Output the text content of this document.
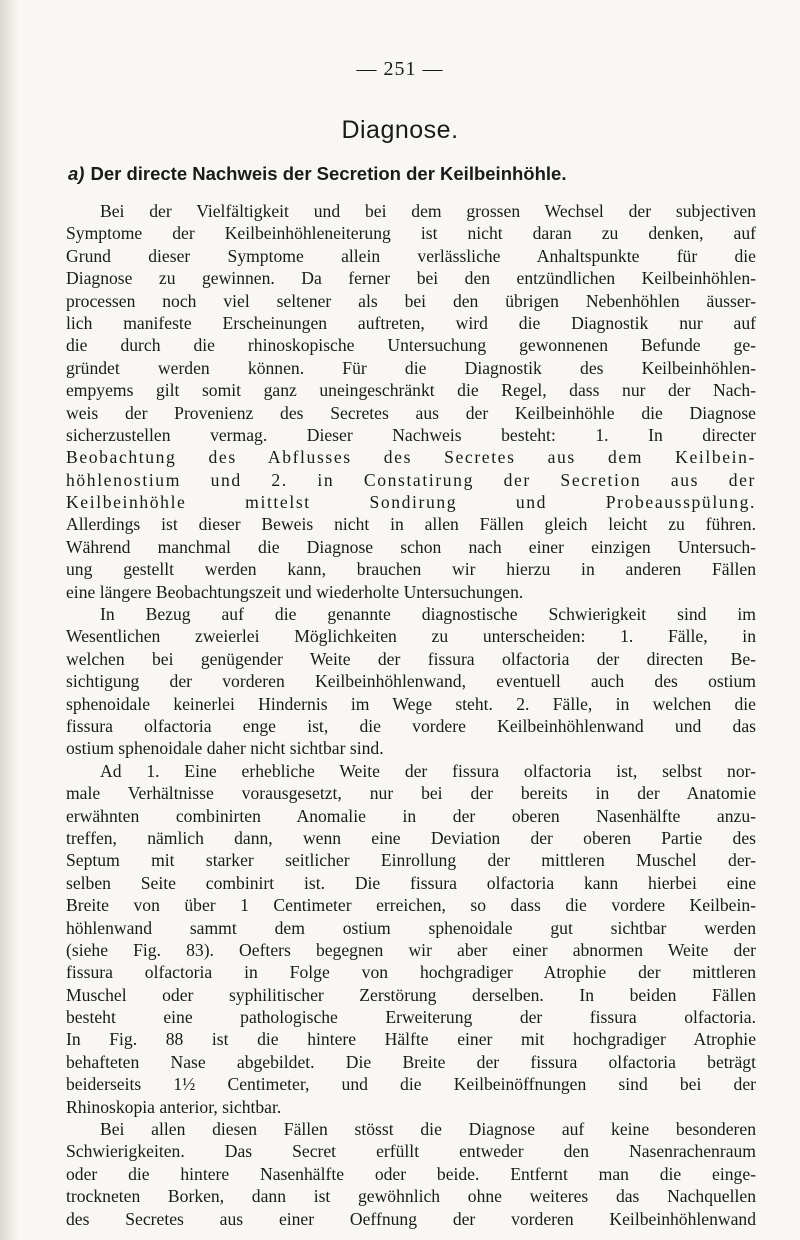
— 251 —
Diagnose.
a) Der directe Nachweis der Secretion der Keilbeinhöhle.
Bei der Vielfältigkeit und bei dem grossen Wechsel der subjectiven
Symptome der Keilbeinhöhleneiterung ist nicht daran zu denken, auf
Grund dieser Symptome allein verlässliche Anhaltspunkte für die
Diagnose zu gewinnen. Da ferner bei den entzündlichen Keilbeinhöhlen-
processen noch viel seltener als bei den übrigen Nebenhöhlen äusser-
lich manifeste Erscheinungen auftreten, wird die Diagnostik nur auf
die durch die rhinoskopische Untersuchung gewonnenen Befunde ge-
gründet werden können. Für die Diagnostik des Keilbeinhöhlen-
empyems gilt somit ganz uneingeschränkt die Regel, dass nur der Nach-
weis der Provenienz des Secretes aus der Keilbeinhöhle die Diagnose
sicherzustellen vermag. Dieser Nachweis besteht: 1. In directer
Beobachtung des Abflusses des Secretes aus dem Keilbein-
höhlenostium und 2. in Constatirung der Secretion aus der
Keilbeinhöhle mittelst Sondirung und Probeausspülung.
Allerdings ist dieser Beweis nicht in allen Fällen gleich leicht zu führen.
Während manchmal die Diagnose schon nach einer einzigen Untersuch-
ung gestellt werden kann, brauchen wir hierzu in anderen Fällen
eine längere Beobachtungszeit und wiederholte Untersuchungen.
In Bezug auf die genannte diagnostische Schwierigkeit sind im
Wesentlichen zweierlei Möglichkeiten zu unterscheiden: 1. Fälle, in
welchen bei genügender Weite der fissura olfactoria der directen Be-
sichtigung der vorderen Keilbeinhöhlenwand, eventuell auch des ostium
sphenoidale keinerlei Hindernis im Wege steht. 2. Fälle, in welchen die
fissura olfactoria enge ist, die vordere Keilbeinhöhlenwand und das
ostium sphenoidale daher nicht sichtbar sind.
Ad 1. Eine erhebliche Weite der fissura olfactoria ist, selbst nor-
male Verhältnisse vorausgesetzt, nur bei der bereits in der Anatomie
erwähnten combinirten Anomalie in der oberen Nasenhälfte anzu-
treffen, nämlich dann, wenn eine Deviation der oberen Partie des
Septum mit starker seitlicher Einrollung der mittleren Muschel der-
selben Seite combinirt ist. Die fissura olfactoria kann hierbei eine
Breite von über 1 Centimeter erreichen, so dass die vordere Keilbein-
höhlenwand sammt dem ostium sphenoidale gut sichtbar werden
(siehe Fig. 83). Oefters begegnen wir aber einer abnormen Weite der
fissura olfactoria in Folge von hochgradiger Atrophie der mittleren
Muschel oder syphilitischer Zerstörung derselben. In beiden Fällen
besteht eine pathologische Erweiterung der fissura olfactoria.
In Fig. 88 ist die hintere Hälfte einer mit hochgradiger Atrophie
behafteten Nase abgebildet. Die Breite der fissura olfactoria beträgt
beiderseits 1½ Centimeter, und die Keilbeinöffnungen sind bei der
Rhinoskopia anterior, sichtbar.
Bei allen diesen Fällen stösst die Diagnose auf keine besonderen
Schwierigkeiten. Das Secret erfüllt entweder den Nasenrachenraum
oder die hintere Nasenhälfte oder beide. Entfernt man die einge-
trockneten Borken, dann ist gewöhnlich ohne weiteres das Nachquellen
des Secretes aus einer Oeffnung der vorderen Keilbeinhöhlenwand
